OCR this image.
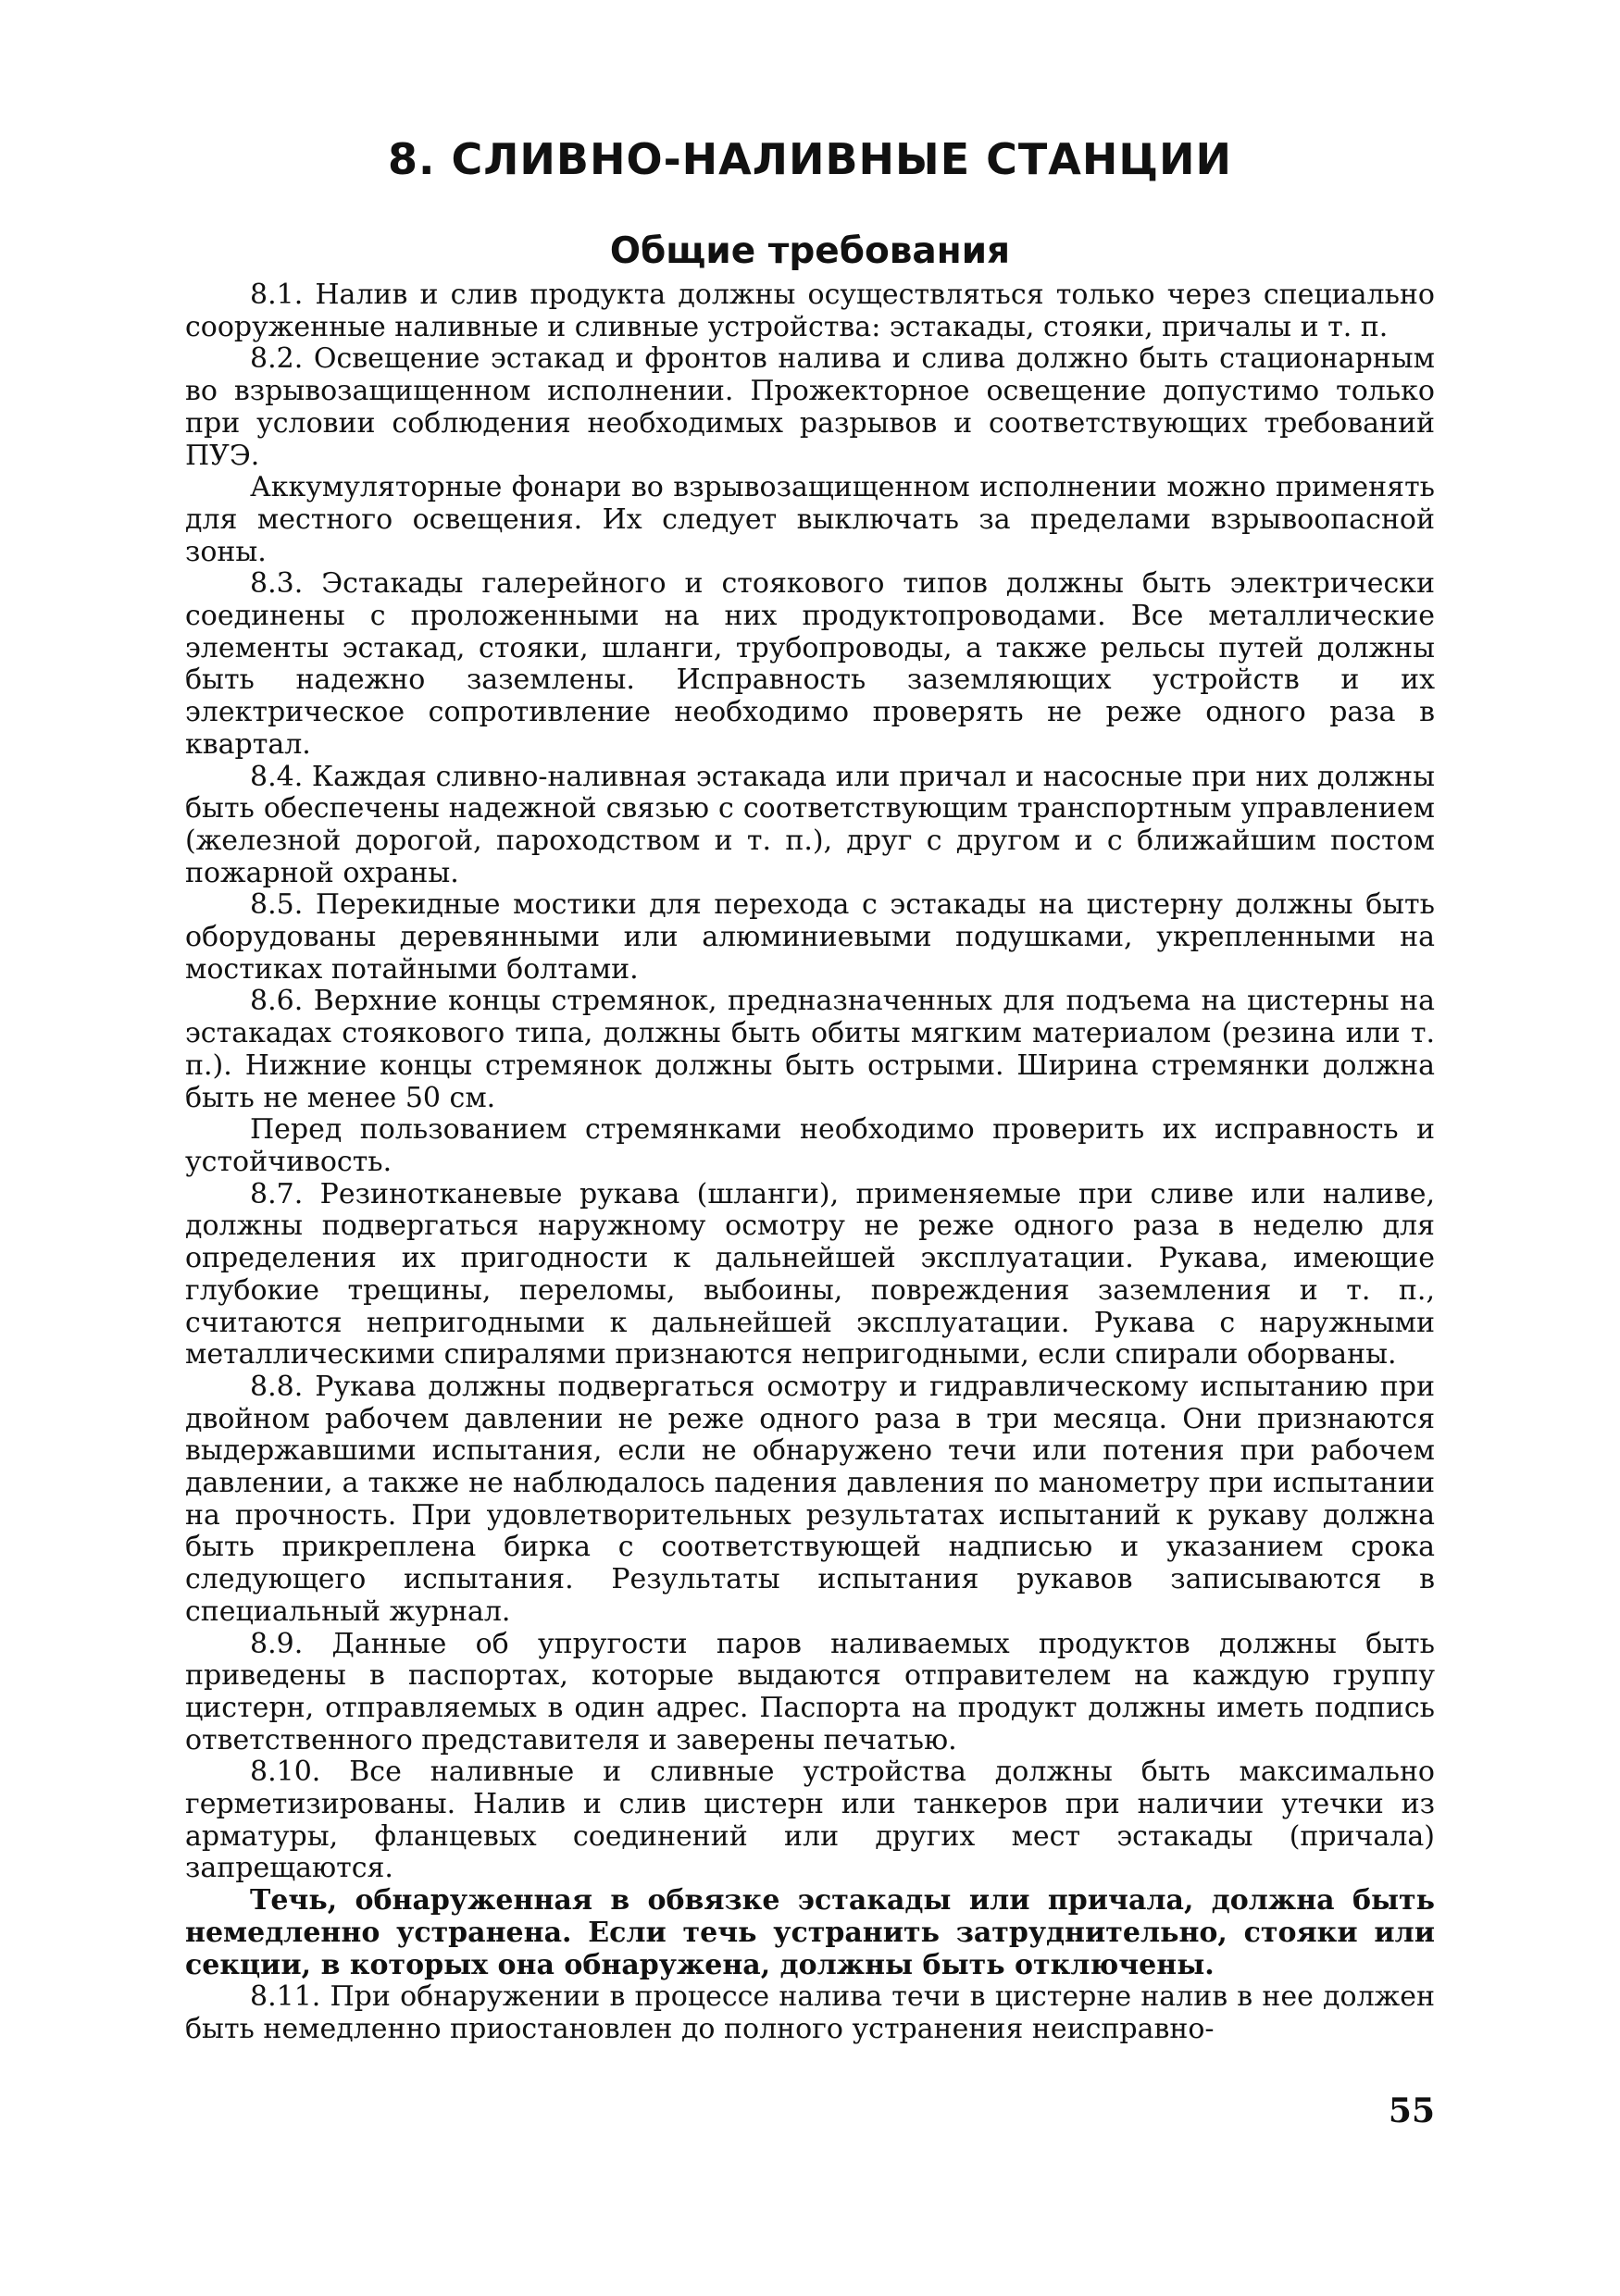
8. СЛИВНО-НАЛИВНЫЕ СТАНЦИИ
Общие требования

8.1. Налив и слив продукта должны осуществляться только через специально сооруженные наливные и сливные устройства: эстакады, стояки, причалы и т. п.

8.2. Освещение эстакад и фронтов налива и слива должно быть стационарным во взрывозащищенном исполнении. Прожекторное освещение допустимо только при условии соблюдения необходимых разрывов и соответствующих требований ПУЭ.

Аккумуляторные фонари во взрывозащищенном исполнении можно применять для местного освещения. Их следует выключать за пределами взрывоопасной зоны.

8.3. Эстакады галерейного и стоякового типов должны быть электрически соединены с проложенными на них продуктопроводами. Все металлические элементы эстакад, стояки, шланги, трубопроводы, а также рельсы путей должны быть надежно заземлены. Исправность заземляющих устройств и их электрическое сопротивление необходимо проверять не реже одного раза в квартал.

8.4. Каждая сливно-наливная эстакада или причал и насосные при них должны быть обеспечены надежной связью с соответствующим транспортным управлением (железной дорогой, пароходством и т. п.), друг с другом и с ближайшим постом пожарной охраны.

8.5. Перекидные мостики для перехода с эстакады на цистерну должны быть оборудованы деревянными или алюминиевыми подушками, укрепленными на мостиках потайными болтами.

8.6. Верхние концы стремянок, предназначенных для подъема на цистерны на эстакадах стоякового типа, должны быть обиты мягким материалом (резина или т. п.). Нижние концы стремянок должны быть острыми. Ширина стремянки должна быть не менее 50 см.

Перед пользованием стремянками необходимо проверить их исправность и устойчивость.

8.7. Резинотканевые рукава (шланги), применяемые при сливе или наливе, должны подвергаться наружному осмотру не реже одного раза в неделю для определения их пригодности к дальнейшей эксплуатации. Рукава, имеющие глубокие трещины, переломы, выбоины, повреждения заземления и т. п., считаются непригодными к дальнейшей эксплуатации. Рукава с наружными металлическими спиралями признаются непригодными, если спирали оборваны.

8.8. Рукава должны подвергаться осмотру и гидравлическому испытанию при двойном рабочем давлении не реже одного раза в три месяца. Они признаются выдержавшими испытания, если не обнаружено течи или потения при рабочем давлении, а также не наблюдалось падения давления по манометру при испытании на прочность. При удовлетворительных результатах испытаний к рукаву должна быть прикреплена бирка с соответствующей надписью и указанием срока следующего испытания. Результаты испытания рукавов записываются в специальный журнал.

8.9. Данные об упругости паров наливаемых продуктов должны быть приведены в паспортах, которые выдаются отправителем на каждую группу цистерн, отправляемых в один адрес. Паспорта на продукт должны иметь подпись ответственного представителя и заверены печатью.

8.10. Все наливные и сливные устройства должны быть максимально герметизированы. Налив и слив цистерн или танкеров при наличии утечки из арматуры, фланцевых соединений или других мест эстакады (причала) запрещаются.

Течь, обнаруженная в обвязке эстакады или причала, должна быть немедленно устранена. Если течь устранить затруднительно, стояки или секции, в которых она обнаружена, должны быть отключены.

8.11. При обнаружении в процессе налива течи в цистерне налив в нее должен быть немедленно приостановлен до полного устранения неисправно-

55
